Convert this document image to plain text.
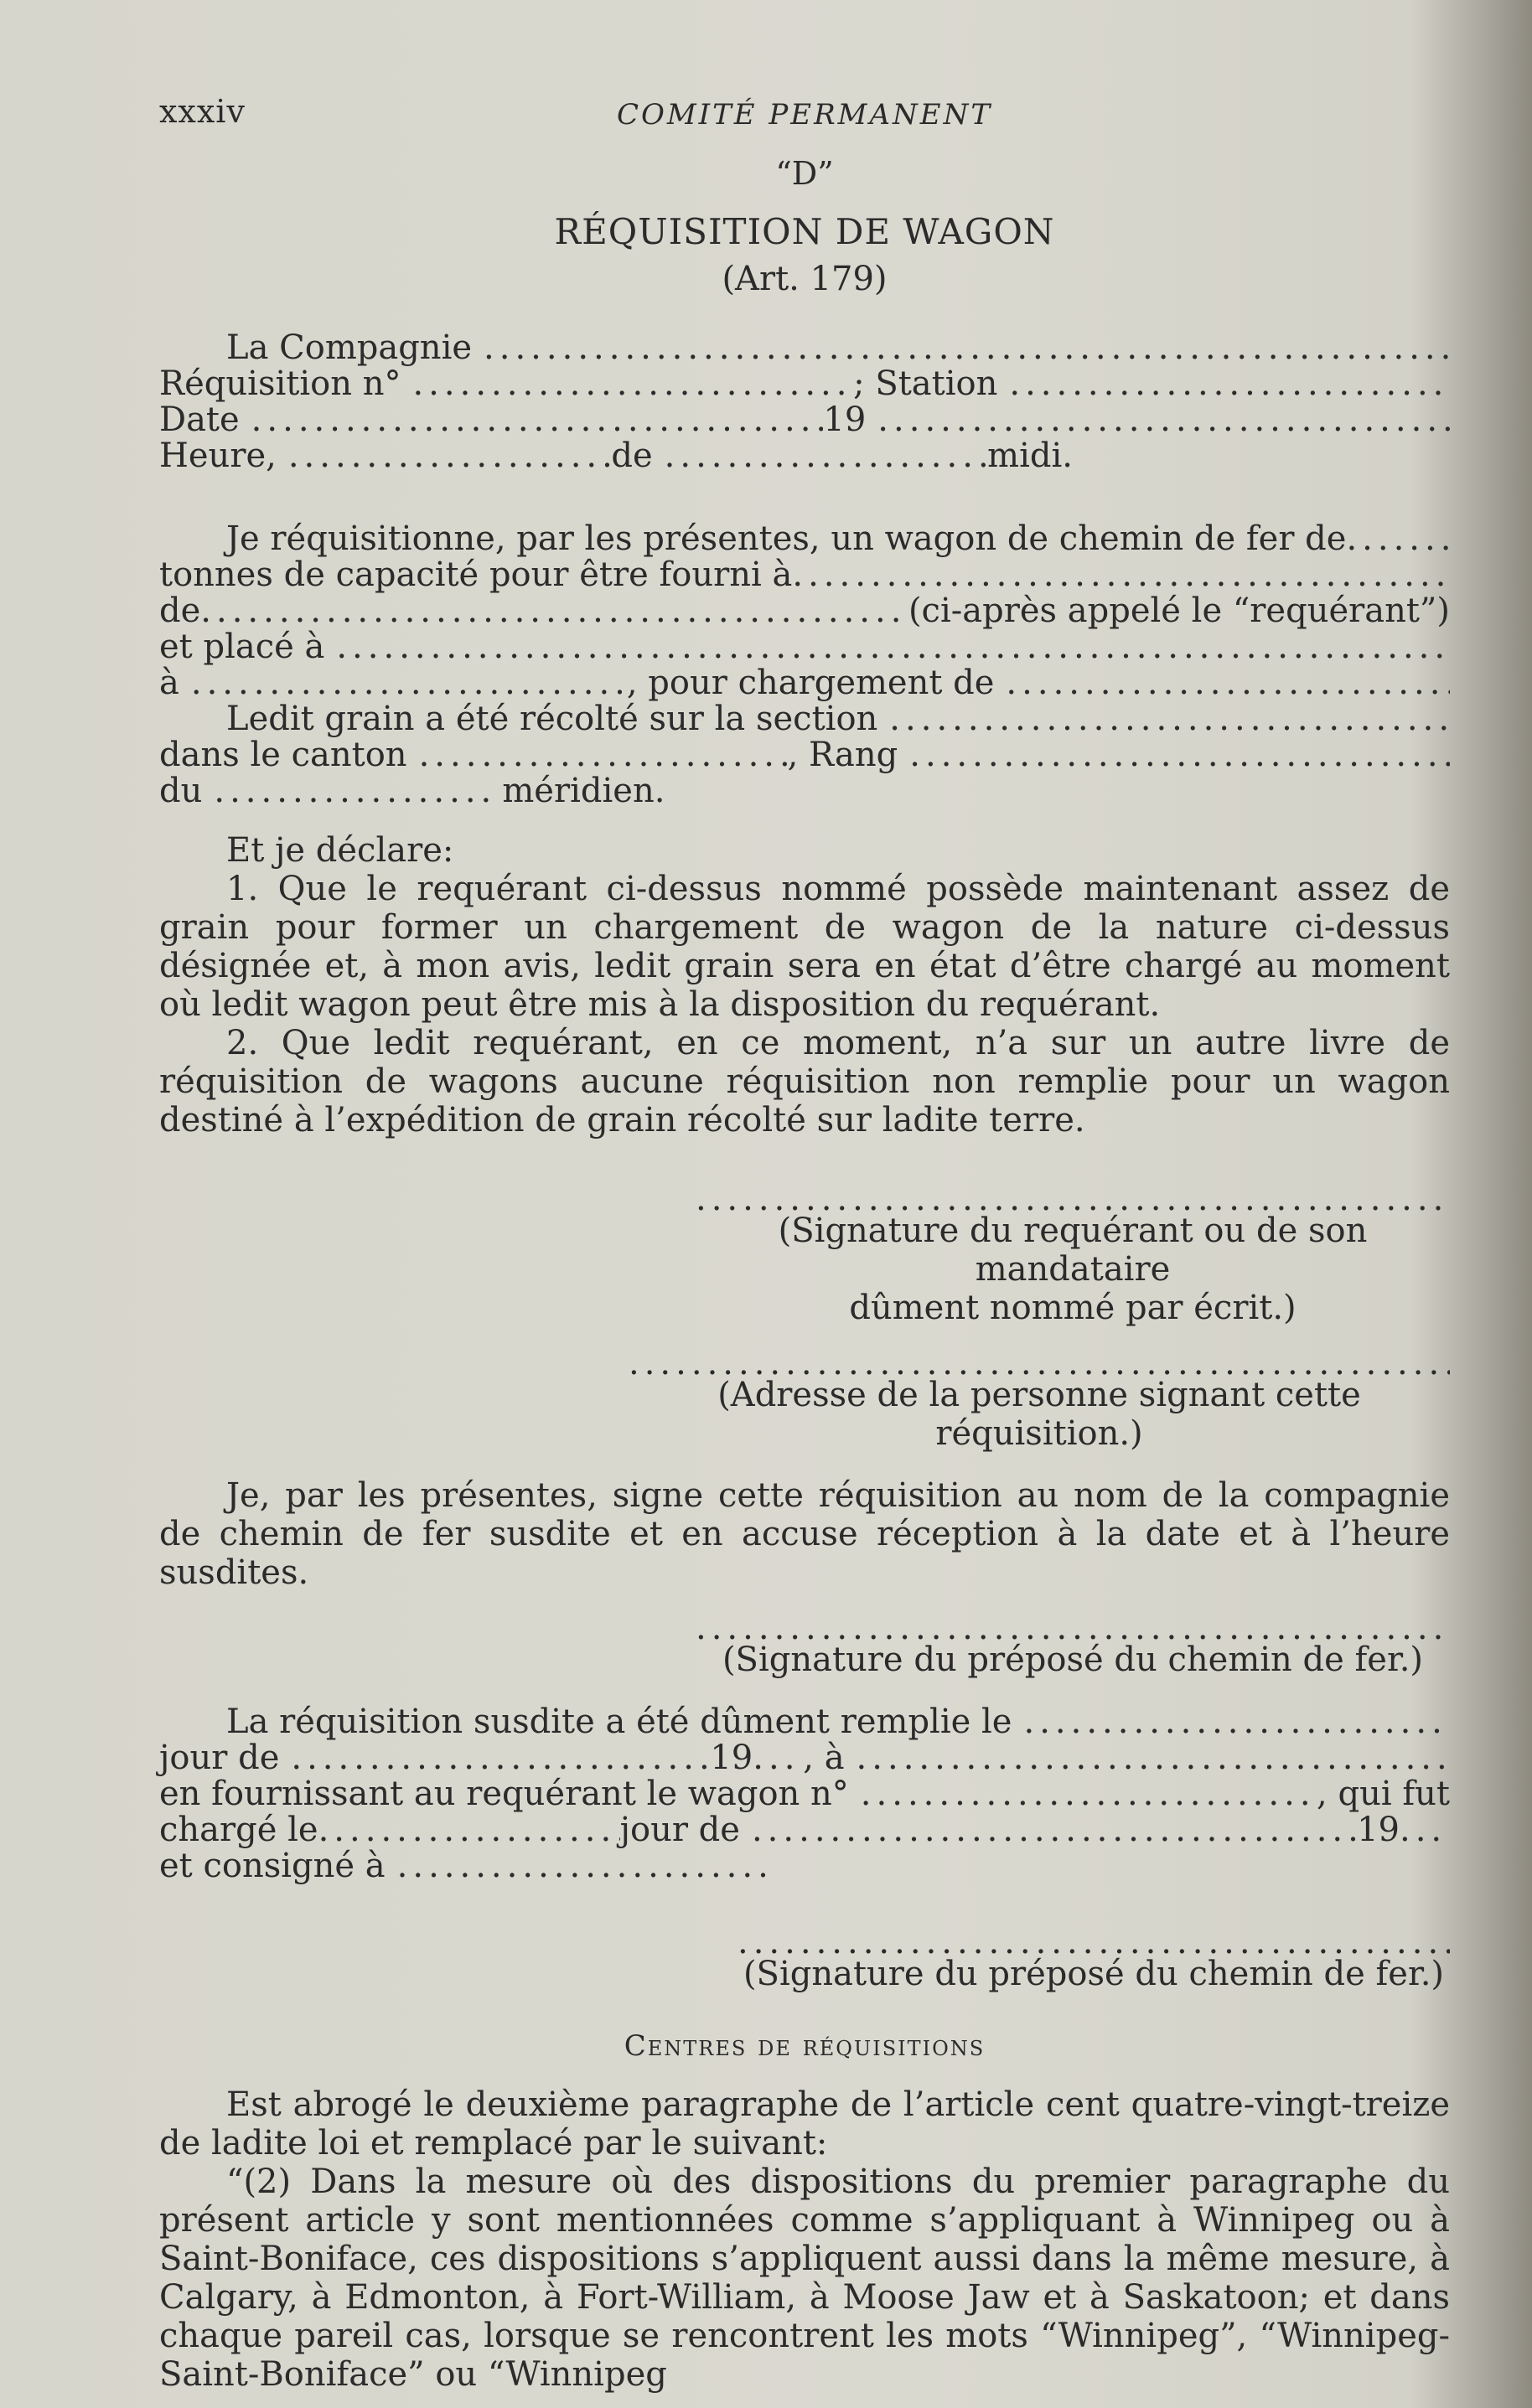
xxxiv	COMITÉ PERMANENT
“D”
RÉQUISITION DE WAGON
(Art. 179)
La Compagnie
.....
Réquisition n° .....	; Station
.....
Date .....	19
.....
Heure, .....	de .....	midi.
Je réquisitionne, par les présentes, un wagon de chemin de fer de
.....
tonnes de capacité pour être fourni à
.....
de .....	(ci-après appelé le “requérant”)
et placé à
.....
à .....	, pour chargement de
.....
Ledit grain a été récolté sur la section
.....
dans le canton .....	, Rang
.....
du .....	méridien.
Et je déclare:

1. Que le requérant ci-dessus nommé possède maintenant assez de grain pour former un chargement de wagon de la nature ci-dessus désignée et, à mon avis, ledit grain sera en état d’être chargé au moment où ledit wagon peut être mis à la disposition du requérant.

2. Que ledit requérant, en ce moment, n’a sur un autre livre de réquisition de wagons aucune réquisition non remplie pour un wagon destiné à l’expédition de grain récolté sur ladite terre.

.....
(Signature du requérant ou de son mandataire
dûment nommé par écrit.)
.....
(Adresse de la personne signant cette réquisition.)

Je, par les présentes, signe cette réquisition au nom de la compagnie de chemin de fer susdite et en accuse réception à la date et à l’heure susdites.

.....
(Signature du préposé du chemin de fer.)
La réquisition susdite a été dûment remplie le
.....
jour de .....	19 ..... , à
.....
en fournissant au requérant le wagon n° .....	, qui fut
chargé le .....	jour de .....	19
.....
et consigné à
.....
.....
(Signature du préposé du chemin de fer.)
Centres de réquisitions

Est abrogé le deuxième paragraphe de l’article cent quatre-vingt-treize de ladite loi et remplacé par le suivant:

“(2) Dans la mesure où des dispositions du premier paragraphe du présent article y sont mentionnées comme s’appliquant à Winnipeg ou à Saint-Boniface, ces dispositions s’appliquent aussi dans la même mesure, à Calgary, à Edmonton, à Fort-William, à Moose Jaw et à Saskatoon; et dans chaque pareil cas, lorsque se rencontrent les mots “Winnipeg”, “Winnipeg-Saint-Boniface” ou “Winnipeg
